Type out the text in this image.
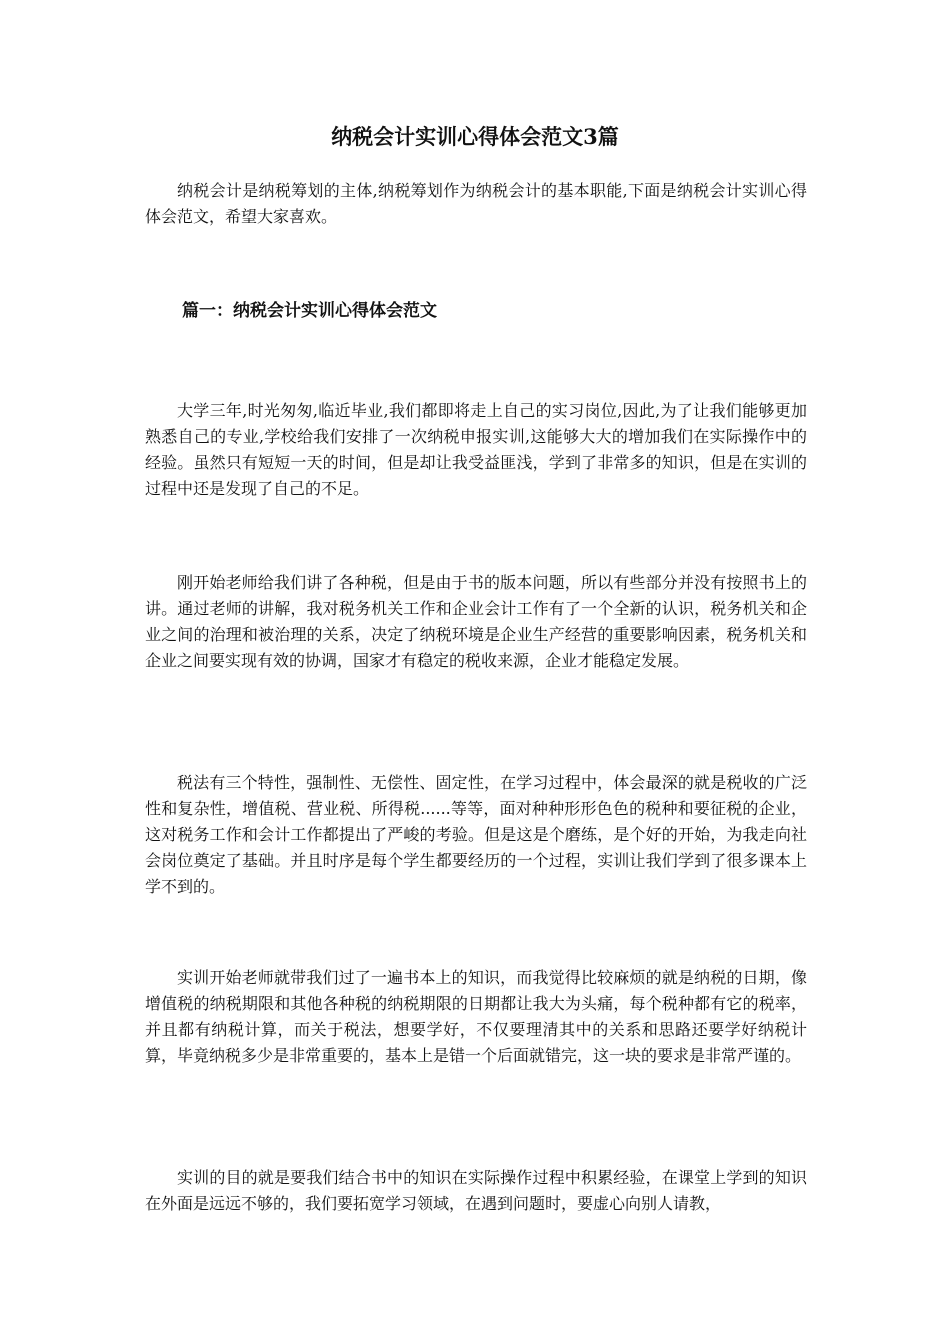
纳税会计实训心得体会范文3篇

纳税会计是纳税筹划的主体,纳税筹划作为纳税会计的基本职能,下面是纳税会计实训心得体会范文，希望大家喜欢。

篇一：纳税会计实训心得体会范文

大学三年,时光匆匆,临近毕业,我们都即将走上自己的实习岗位,因此,为了让我们能够更加熟悉自己的专业,学校给我们安排了一次纳税申报实训,这能够大大的增加我们在实际操作中的经验。虽然只有短短一天的时间，但是却让我受益匪浅，学到了非常多的知识，但是在实训的过程中还是发现了自己的不足。

刚开始老师给我们讲了各种税，但是由于书的版本问题，所以有些部分并没有按照书上的讲。通过老师的讲解，我对税务机关工作和企业会计工作有了一个全新的认识，税务机关和企业之间的治理和被治理的关系，决定了纳税环境是企业生产经营的重要影响因素，税务机关和企业之间要实现有效的协调，国家才有稳定的税收来源，企业才能稳定发展。

税法有三个特性，强制性、无偿性、固定性，在学习过程中，体会最深的就是税收的广泛性和复杂性，增值税、营业税、所得税......等等，面对种种形形色色的税种和要征税的企业，这对税务工作和会计工作都提出了严峻的考验。但是这是个磨练，是个好的开始，为我走向社会岗位奠定了基础。并且时序是每个学生都要经历的一个过程，实训让我们学到了很多课本上学不到的。

实训开始老师就带我们过了一遍书本上的知识，而我觉得比较麻烦的就是纳税的日期，像增值税的纳税期限和其他各种税的纳税期限的日期都让我大为头痛，每个税种都有它的税率，并且都有纳税计算，而关于税法，想要学好，不仅要理清其中的关系和思路还要学好纳税计算，毕竟纳税多少是非常重要的，基本上是错一个后面就错完，这一块的要求是非常严谨的。

实训的目的就是要我们结合书中的知识在实际操作过程中积累经验，在课堂上学到的知识在外面是远远不够的，我们要拓宽学习领域，在遇到问题时，要虚心向别人请教，
